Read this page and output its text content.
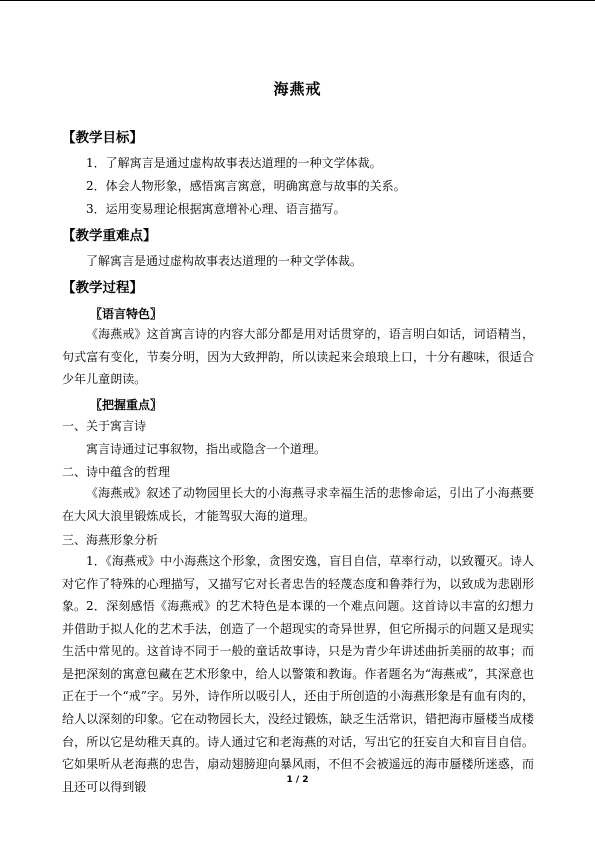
海燕戒
【教学目标】
1．了解寓言是通过虚构故事表达道理的一种文学体裁。
2．体会人物形象，感悟寓言寓意，明确寓意与故事的关系。
3．运用变易理论根据寓意增补心理、语言描写。
【教学重难点】
了解寓言是通过虚构故事表达道理的一种文学体裁。
【教学过程】
〖语言特色〗
《海燕戒》这首寓言诗的内容大部分都是用对话贯穿的，语言明白如话，词语精当，句式富有变化，节奏分明，因为大致押韵，所以读起来会琅琅上口，十分有趣味，很适合少年儿童朗读。
〖把握重点〗
一、关于寓言诗
寓言诗通过记事叙物，指出或隐含一个道理。
二、诗中蕴含的哲理
《海燕戒》叙述了动物园里长大的小海燕寻求幸福生活的悲惨命运，引出了小海燕要在大风大浪里锻炼成长，才能驾驭大海的道理。
三、海燕形象分析
1．《海燕戒》中小海燕这个形象，贪图安逸，盲目自信，草率行动，以致覆灭。诗人对它作了特殊的心理描写，又描写它对长者忠告的轻蔑态度和鲁莽行为，以致成为悲剧形象。 2．深刻感悟《海燕戒》的艺术特色是本课的一个难点问题。这首诗以丰富的幻想力并借助于拟人化的艺术手法，创造了一个超现实的奇异世界，但它所揭示的问题又是现实生活中常见的。这首诗不同于一般的童话故事诗，只是为青少年讲述曲折美丽的故事；而是把深刻的寓意包藏在艺术形象中，给人以警策和教诲。作者题名为“海燕戒”，其深意也正在于一个“戒”字。另外，诗作所以吸引人，还由于所创造的小海燕形象是有血有肉的，给人以深刻的印象。它在动物园长大，没经过锻炼，缺乏生活常识，错把海市蜃楼当成楼台，所以它是幼稚天真的。诗人通过它和老海燕的对话，写出它的狂妄自大和盲目自信。它如果听从老海燕的忠告，扇动翅膀迎向暴风雨，不但不会被遥远的海市蜃楼所迷惑，而且还可以得到锻	1 / 2
